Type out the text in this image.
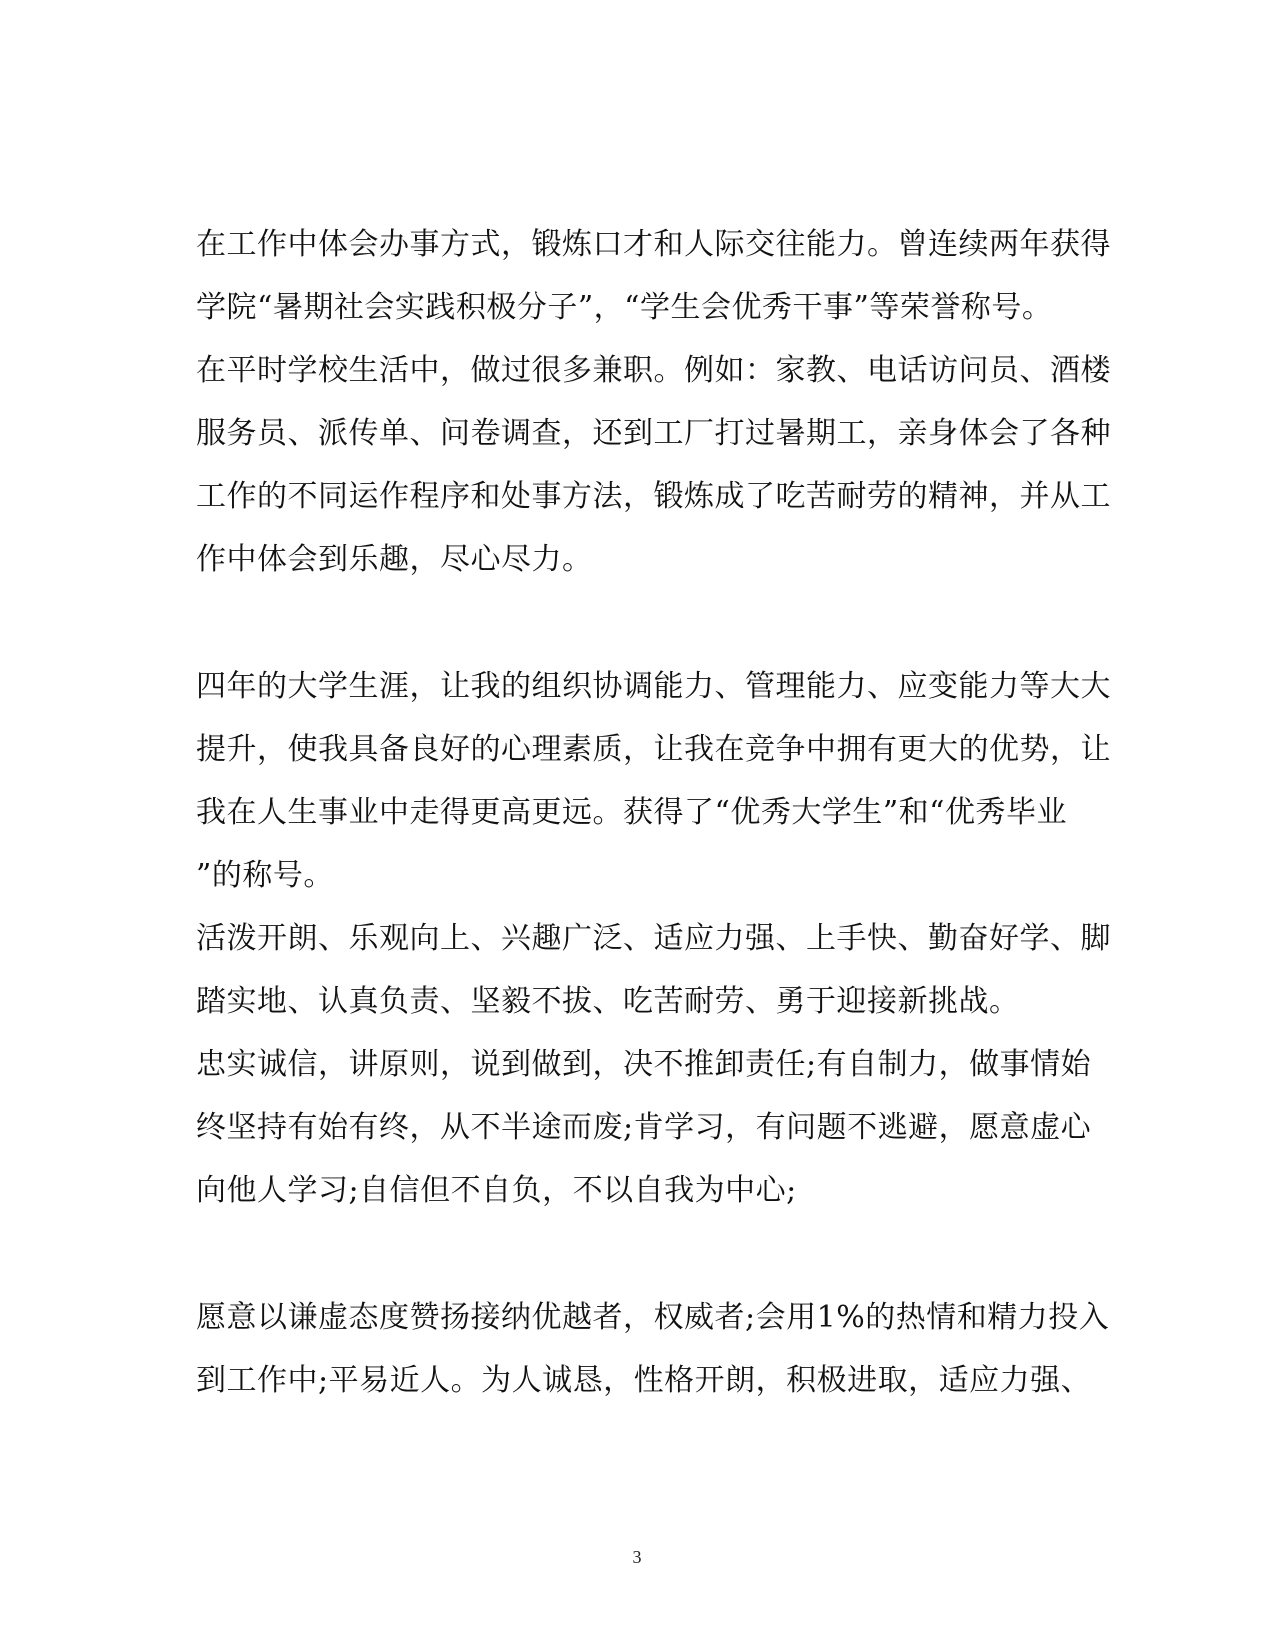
在工作中体会办事方式，锻炼口才和人际交往能力。曾连续两年获得

学院“暑期社会实践积极分子”，“学生会优秀干事”等荣誉称号。

在平时学校生活中，做过很多兼职。例如：家教、电话访问员、酒楼

服务员、派传单、问卷调查，还到工厂打过暑期工，亲身体会了各种

工作的不同运作程序和处事方法，锻炼成了吃苦耐劳的精神，并从工

作中体会到乐趣，尽心尽力。

四年的大学生涯，让我的组织协调能力、管理能力、应变能力等大大

提升，使我具备良好的心理素质，让我在竞争中拥有更大的优势，让

我在人生事业中走得更高更远。获得了“优秀大学生”和“优秀毕业

”的称号。

活泼开朗、乐观向上、兴趣广泛、适应力强、上手快、勤奋好学、脚

踏实地、认真负责、坚毅不拔、吃苦耐劳、勇于迎接新挑战。

忠实诚信，讲原则，说到做到，决不推卸责任;有自制力，做事情始

终坚持有始有终，从不半途而废;肯学习，有问题不逃避，愿意虚心

向他人学习;自信但不自负，不以自我为中心;

愿意以谦虚态度赞扬接纳优越者，权威者;会用1%的热情和精力投入

到工作中;平易近人。为人诚恳，性格开朗，积极进取，适应力强、

3
